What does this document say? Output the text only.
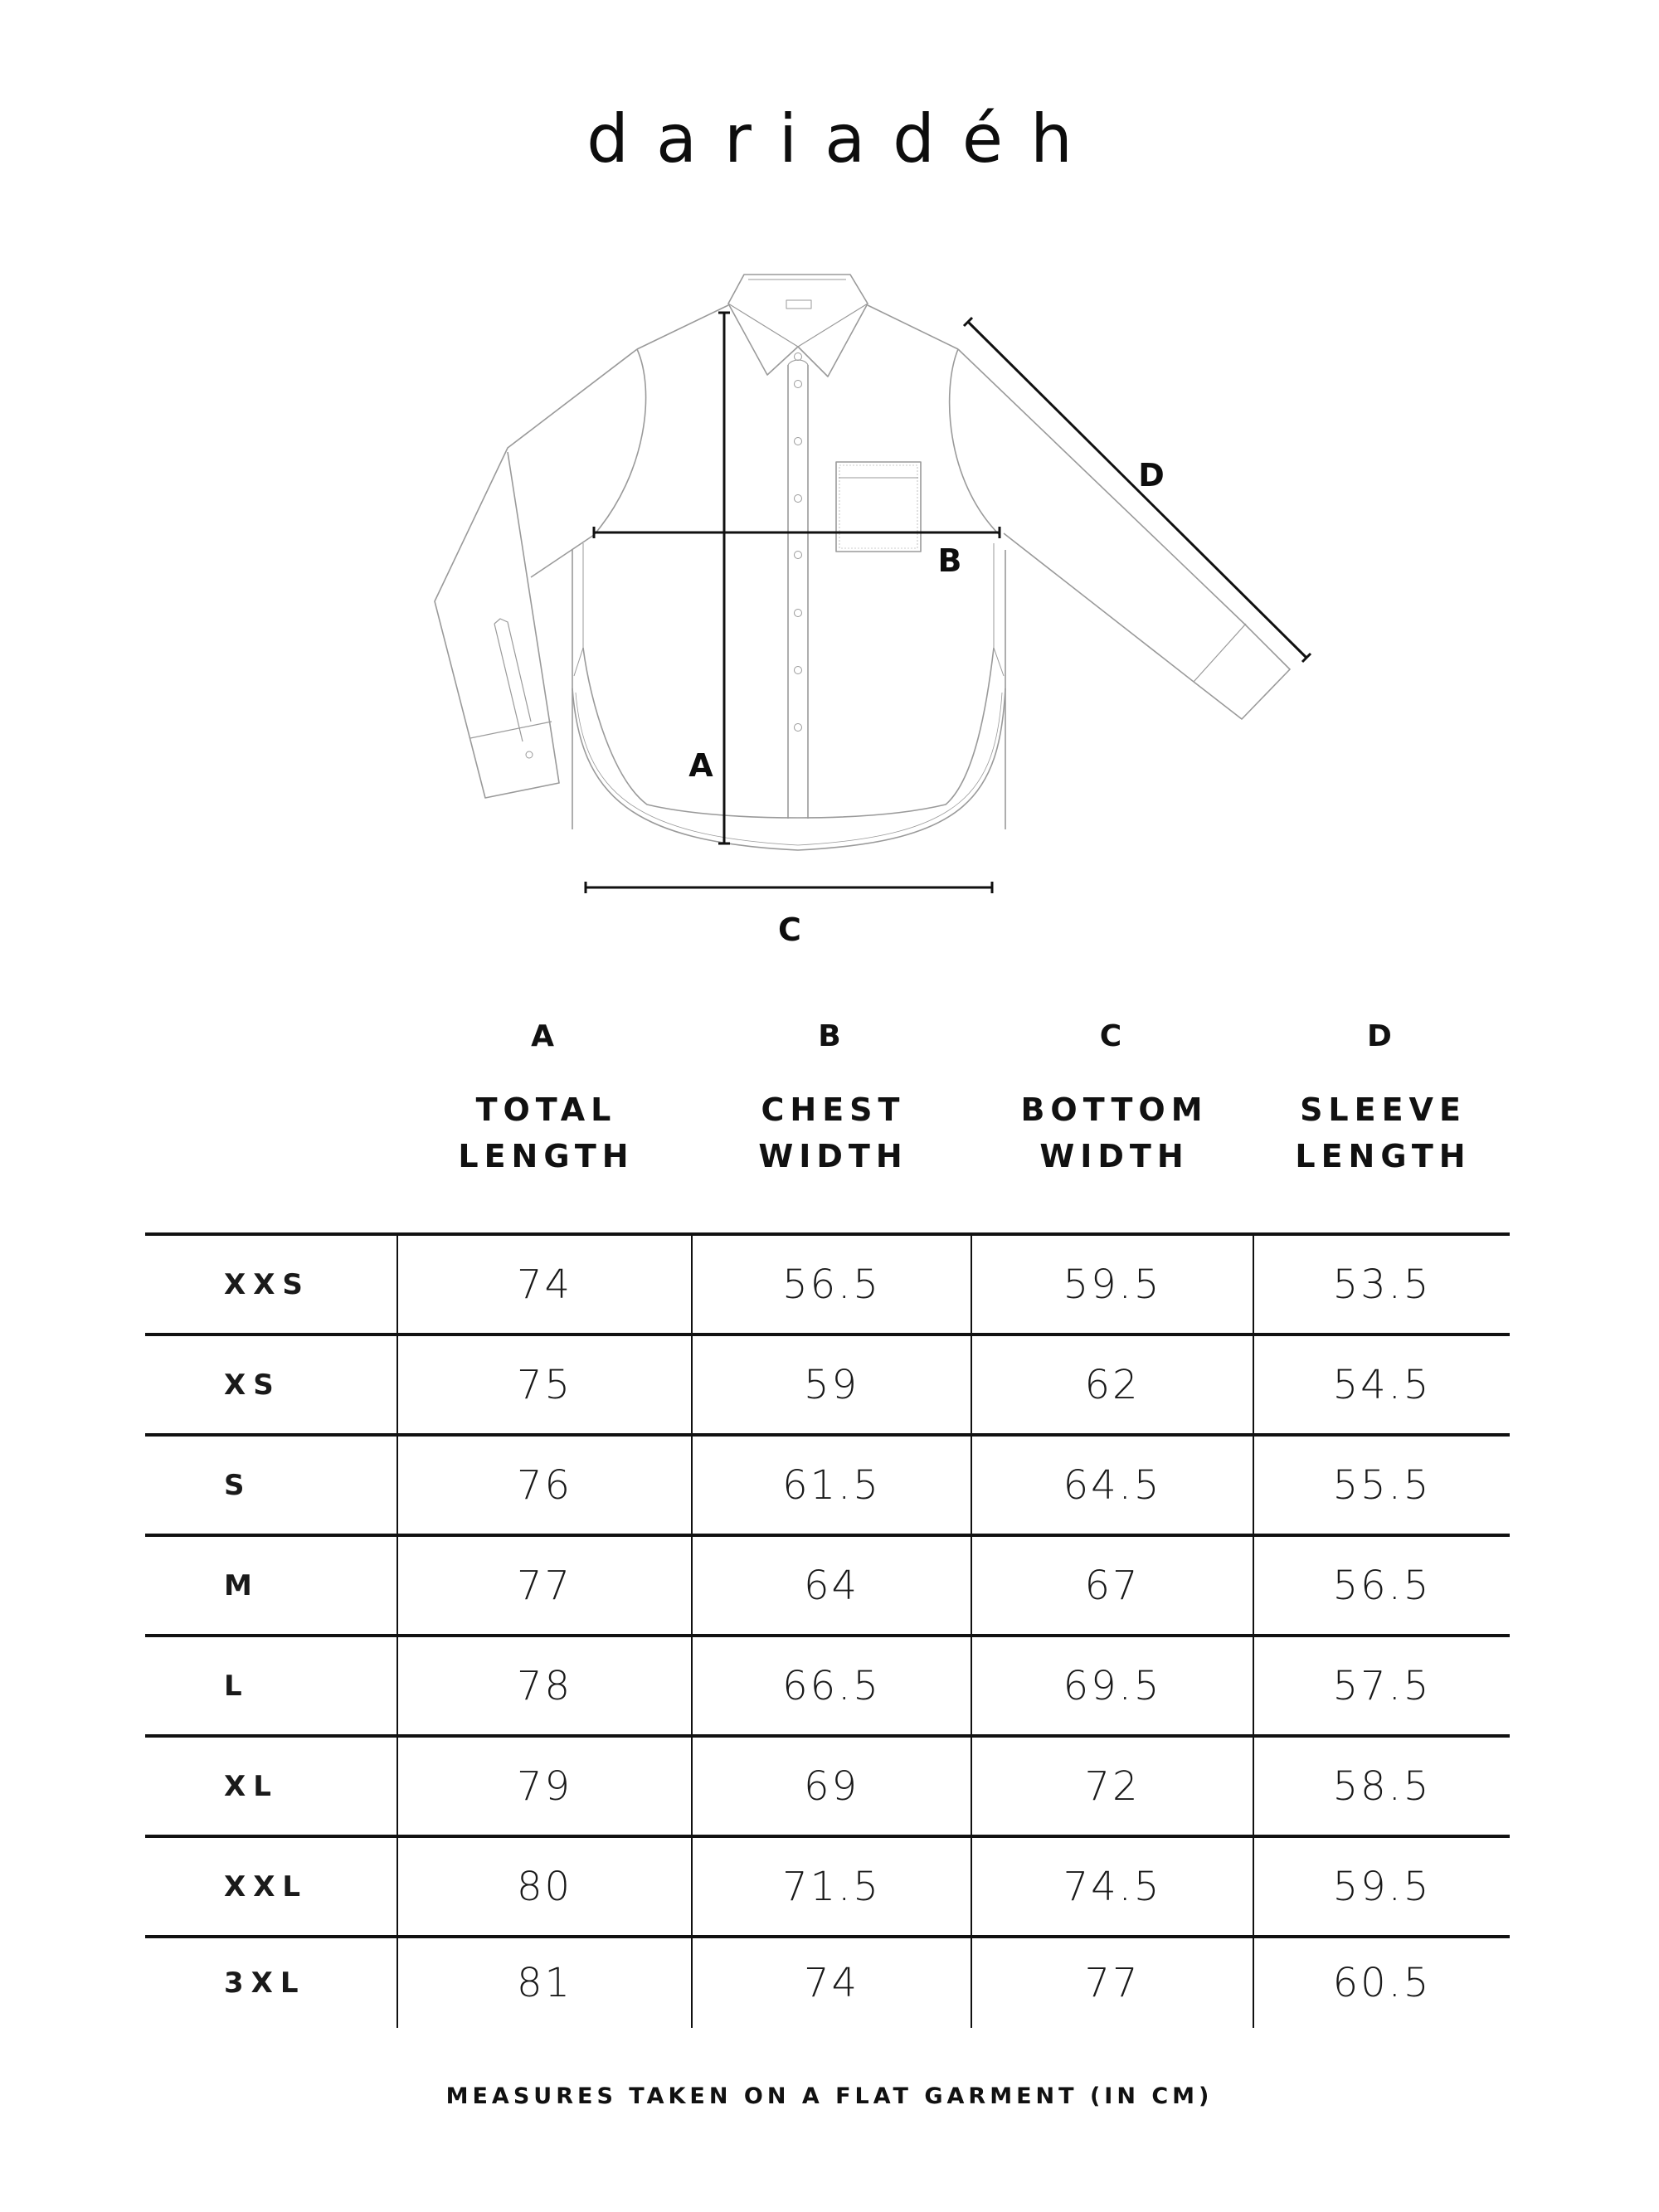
dariadéh
A
B
C
D
A
TOTAL
LENGTH
B
CHEST
WIDTH
C
BOTTOM
WIDTH
D
SLEEVE
LENGTH
XXS	74	56.5	59.5	53.5
XS	75	59	62	54.5
S	76	61.5	64.5	55.5
M	77	64	67	56.5
L	78	66.5	69.5	57.5
XL	79	69	72	58.5
XXL	80	71.5	74.5	59.5
3XL	81	74	77	60.5
MEASURES TAKEN ON A FLAT GARMENT (IN CM)
